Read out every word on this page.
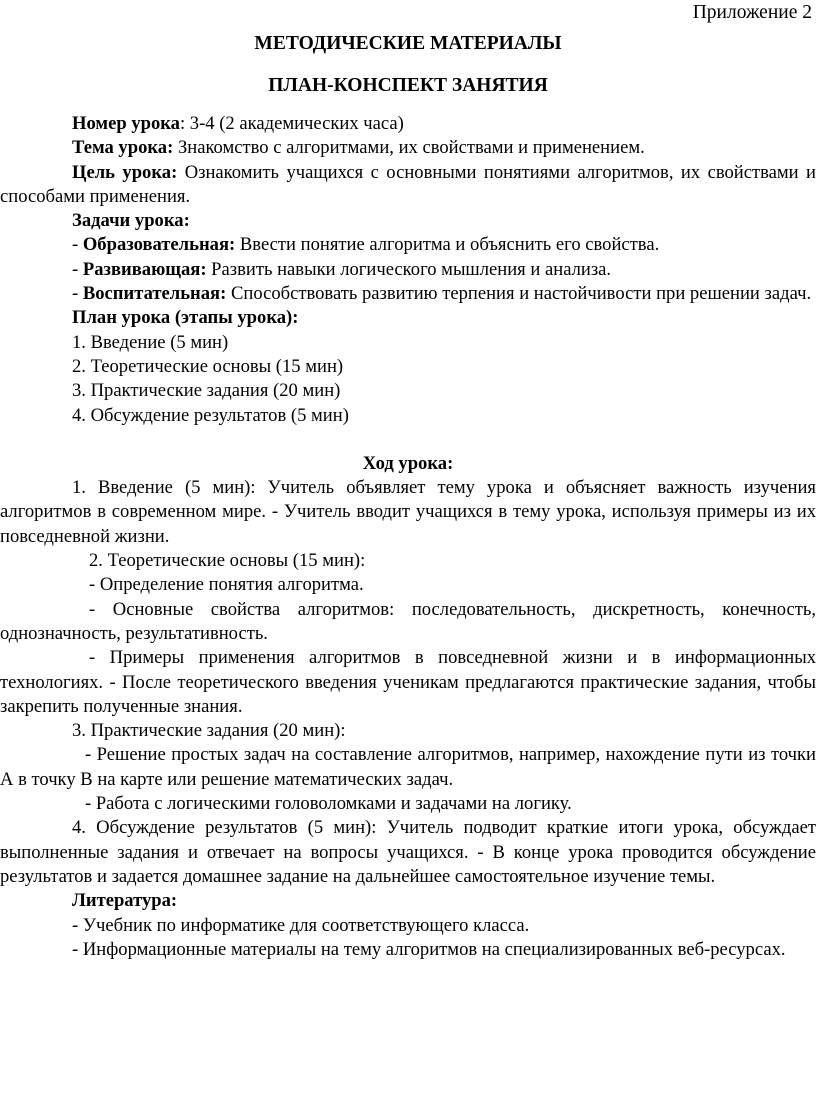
Приложение 2
МЕТОДИЧЕСКИЕ МАТЕРИАЛЫ
ПЛАН-КОНСПЕКТ ЗАНЯТИЯ

Номер урока: 3-4 (2 академических часа)

Тема урока: Знакомство с алгоритмами, их свойствами и применением.

Цель урока: Ознакомить учащихся с основными понятиями алгоритмов, их свойствами и способами применения.

Задачи урока:

- Образовательная: Ввести понятие алгоритма и объяснить его свойства.

- Развивающая: Развить навыки логического мышления и анализа.

- Воспитательная: Способствовать развитию терпения и настойчивости при решении задач.

План урока (этапы урока):

1. Введение (5 мин)

2. Теоретические основы (15 мин)

3. Практические задания (20 мин)

4. Обсуждение результатов (5 мин)

Ход урока:

1. Введение (5 мин): Учитель объявляет тему урока и объясняет важность изучения алгоритмов в современном мире. - Учитель вводит учащихся в тему урока, используя примеры из их повседневной жизни.

2. Теоретические основы (15 мин):

- Определение понятия алгоритма.

- Основные свойства алгоритмов: последовательность, дискретность, конечность, однозначность, результативность.

- Примеры применения алгоритмов в повседневной жизни и в информационных технологиях. - После теоретического введения ученикам предлагаются практические задания, чтобы закрепить полученные знания.

3. Практические задания (20 мин):

- Решение простых задач на составление алгоритмов, например, нахождение пути из точки А в точку В на карте или решение математических задач.

- Работа с логическими головоломками и задачами на логику.

4. Обсуждение результатов (5 мин): Учитель подводит краткие итоги урока, обсуждает выполненные задания и отвечает на вопросы учащихся. - В конце урока проводится обсуждение результатов и задается домашнее задание на дальнейшее самостоятельное изучение темы.

Литература:

- Учебник по информатике для соответствующего класса.

- Информационные материалы на тему алгоритмов на специализированных веб-ресурсах.
